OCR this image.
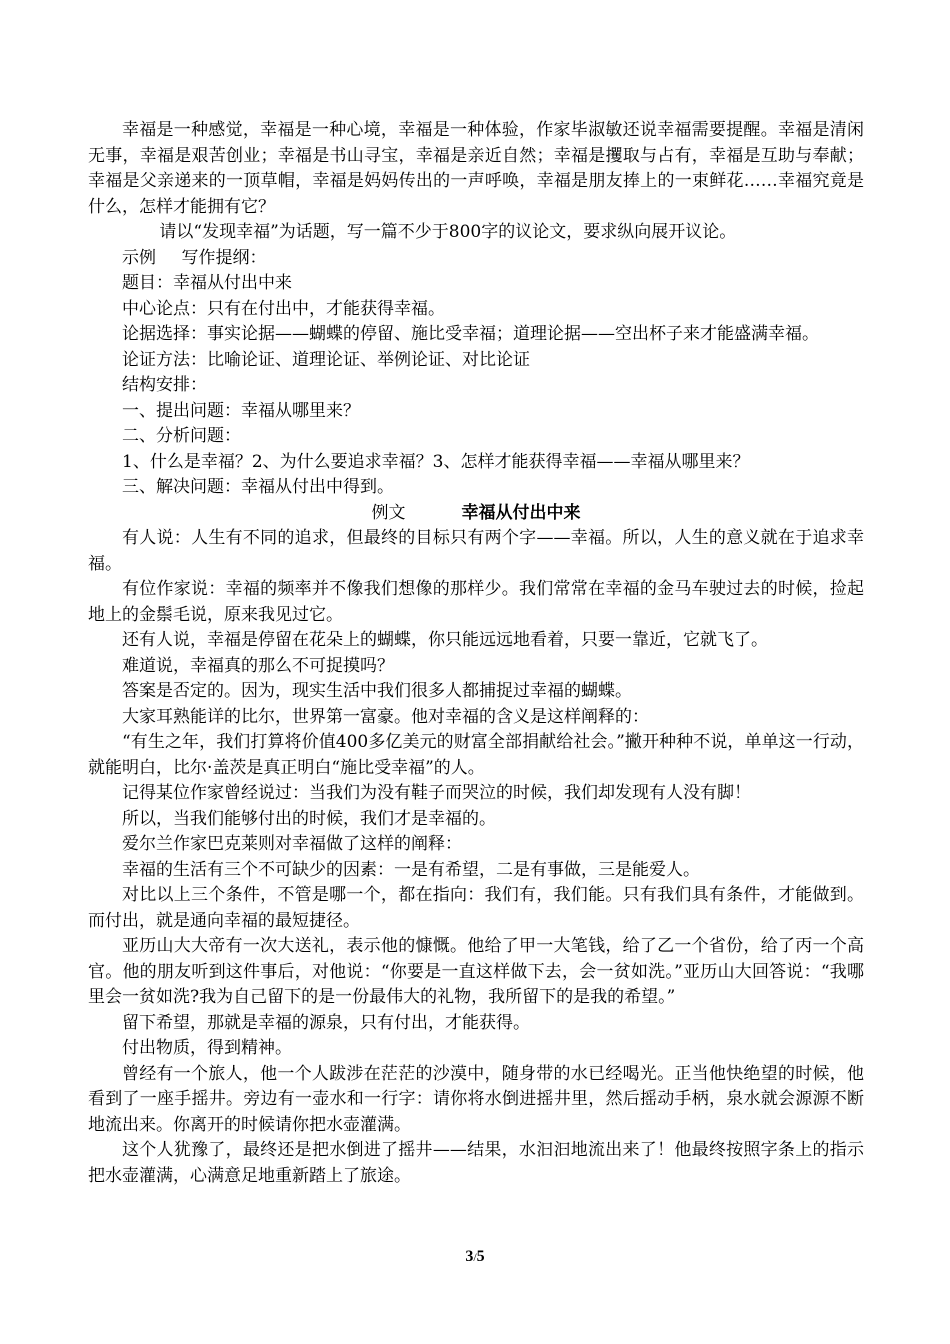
幸福是一种感觉，幸福是一种心境，幸福是一种体验，作家毕淑敏还说幸福需要提醒。幸福是清闲无事，幸福是艰苦创业；幸福是书山寻宝，幸福是亲近自然；幸福是攫取与占有，幸福是互助与奉献；幸福是父亲递来的一顶草帽，幸福是妈妈传出的一声呼唤，幸福是朋友捧上的一束鲜花……幸福究竟是什么，怎样才能拥有它？

请以“发现幸福”为话题，写一篇不少于800字的议论文，要求纵向展开议论。

示例 写作提纲：

题目：幸福从付出中来

中心论点：只有在付出中，才能获得幸福。

论据选择：事实论据——蝴蝶的停留、施比受幸福；道理论据——空出杯子来才能盛满幸福。

论证方法：比喻论证、道理论证、举例论证、对比论证

结构安排：

一、提出问题：幸福从哪里来？

二、分析问题：

1、什么是幸福？2、为什么要追求幸福？3、怎样才能获得幸福——幸福从哪里来？

三、解决问题：幸福从付出中得到。

例文	幸福从付出中来

有人说：人生有不同的追求，但最终的目标只有两个字——幸福。所以，人生的意义就在于追求幸福。

有位作家说：幸福的频率并不像我们想像的那样少。我们常常在幸福的金马车驶过去的时候，捡起地上的金鬃毛说，原来我见过它。

还有人说，幸福是停留在花朵上的蝴蝶，你只能远远地看着，只要一靠近，它就飞了。

难道说，幸福真的那么不可捉摸吗？

答案是否定的。因为，现实生活中我们很多人都捕捉过幸福的蝴蝶。

大家耳熟能详的比尔，世界第一富豪。他对幸福的含义是这样阐释的：

“有生之年，我们打算将价值400多亿美元的财富全部捐献给社会。”撇开种种不说，单单这一行动，就能明白，比尔·盖茨是真正明白“施比受幸福”的人。

记得某位作家曾经说过：当我们为没有鞋子而哭泣的时候，我们却发现有人没有脚！

所以，当我们能够付出的时候，我们才是幸福的。

爱尔兰作家巴克莱则对幸福做了这样的阐释：

幸福的生活有三个不可缺少的因素：一是有希望，二是有事做，三是能爱人。

对比以上三个条件，不管是哪一个，都在指向：我们有，我们能。只有我们具有条件，才能做到。而付出，就是通向幸福的最短捷径。

亚历山大大帝有一次大送礼，表示他的慷慨。他给了甲一大笔钱，给了乙一个省份，给了丙一个高官。他的朋友听到这件事后，对他说：“你要是一直这样做下去，会一贫如洗。”亚历山大回答说：“我哪里会一贫如洗?我为自己留下的是一份最伟大的礼物，我所留下的是我的希望。”

留下希望，那就是幸福的源泉，只有付出，才能获得。

付出物质，得到精神。

曾经有一个旅人，他一个人跋涉在茫茫的沙漠中，随身带的水已经喝光。正当他快绝望的时候，他看到了一座手摇井。旁边有一壶水和一行字：请你将水倒进摇井里，然后摇动手柄，泉水就会源源不断地流出来。你离开的时候请你把水壶灌满。

这个人犹豫了，最终还是把水倒进了摇井——结果，水汩汩地流出来了！他最终按照字条上的指示把水壶灌满，心满意足地重新踏上了旅途。

3/5
